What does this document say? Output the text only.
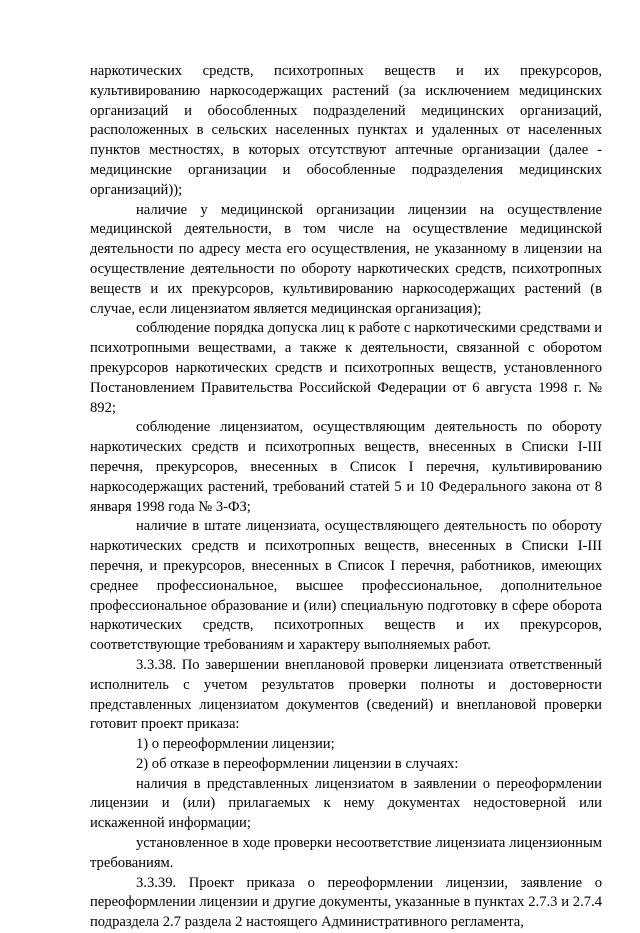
наркотических средств, психотропных веществ и их прекурсоров, культивированию наркосодержащих растений (за исключением медицинских организаций и обособленных подразделений медицинских организаций, расположенных в сельских населенных пунктах и удаленных от населенных пунктов местностях, в которых отсутствуют аптечные организации (далее - медицинские организации и обособленные подразделения медицинских организаций));

наличие у медицинской организации лицензии на осуществление медицинской деятельности, в том числе на осуществление медицинской деятельности по адресу места его осуществления, не указанному в лицензии на осуществление деятельности по обороту наркотических средств, психотропных веществ и их прекурсоров, культивированию наркосодержащих растений (в случае, если лицензиатом является медицинская организация);

соблюдение порядка допуска лиц к работе с наркотическими средствами и психотропными веществами, а также к деятельности, связанной с оборотом прекурсоров наркотических средств и психотропных веществ, установленного Постановлением Правительства Российской Федерации от 6 августа 1998 г. № 892;

соблюдение лицензиатом, осуществляющим деятельность по обороту наркотических средств и психотропных веществ, внесенных в Списки I-III перечня, прекурсоров, внесенных в Список I перечня, культивированию наркосодержащих растений, требований статей 5 и 10 Федерального закона от 8 января 1998 года № 3-ФЗ;

наличие в штате лицензиата, осуществляющего деятельность по обороту наркотических средств и психотропных веществ, внесенных в Списки I-III перечня, и прекурсоров, внесенных в Список I перечня, работников, имеющих среднее профессиональное, высшее профессиональное, дополнительное профессиональное образование и (или) специальную подготовку в сфере оборота наркотических средств, психотропных веществ и их прекурсоров, соответствующие требованиям и характеру выполняемых работ.

3.3.38. По завершении внеплановой проверки лицензиата ответственный исполнитель с учетом результатов проверки полноты и достоверности представленных лицензиатом документов (сведений) и внеплановой проверки готовит проект приказа:

1) о переоформлении лицензии;

2) об отказе в переоформлении лицензии в случаях:

наличия в представленных лицензиатом в заявлении о переоформлении лицензии и (или) прилагаемых к нему документах недостоверной или искаженной информации;

установленное в ходе проверки несоответствие лицензиата лицензионным требованиям.

3.3.39. Проект приказа о переоформлении лицензии, заявление о переоформлении лицензии и другие документы, указанные в пунктах 2.7.3 и 2.7.4 подраздела 2.7 раздела 2 настоящего Административного регламента,
